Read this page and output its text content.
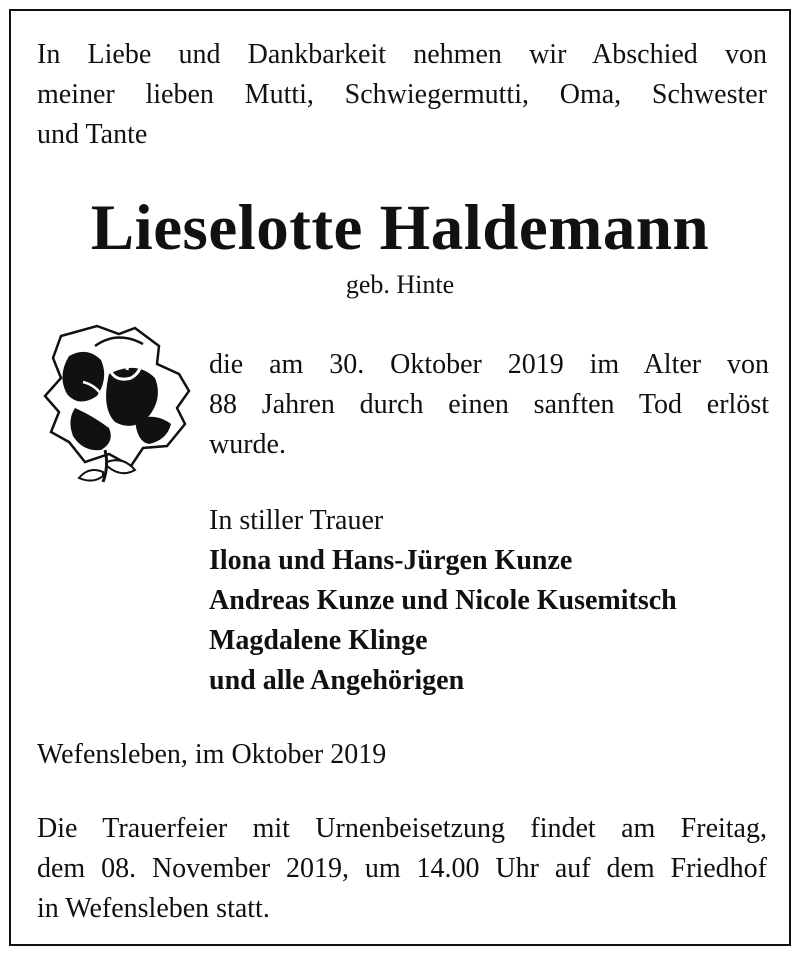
In Liebe und Dankbarkeit nehmen wir Abschied von
meiner lieben Mutti, Schwiegermutti, Oma, Schwester
und Tante
Lieselotte Haldemann
geb. Hinte
die am 30. Oktober 2019 im Alter von
88 Jahren durch einen sanften Tod erlöst
wurde.
In stiller Trauer
Ilona und Hans-Jürgen Kunze
Andreas Kunze und Nicole Kusemitsch
Magdalene Klinge
und alle Angehörigen
Wefensleben, im Oktober 2019
Die Trauerfeier mit Urnenbeisetzung findet am Freitag,
dem 08. November 2019, um 14.00 Uhr auf dem Friedhof
in Wefensleben statt.
